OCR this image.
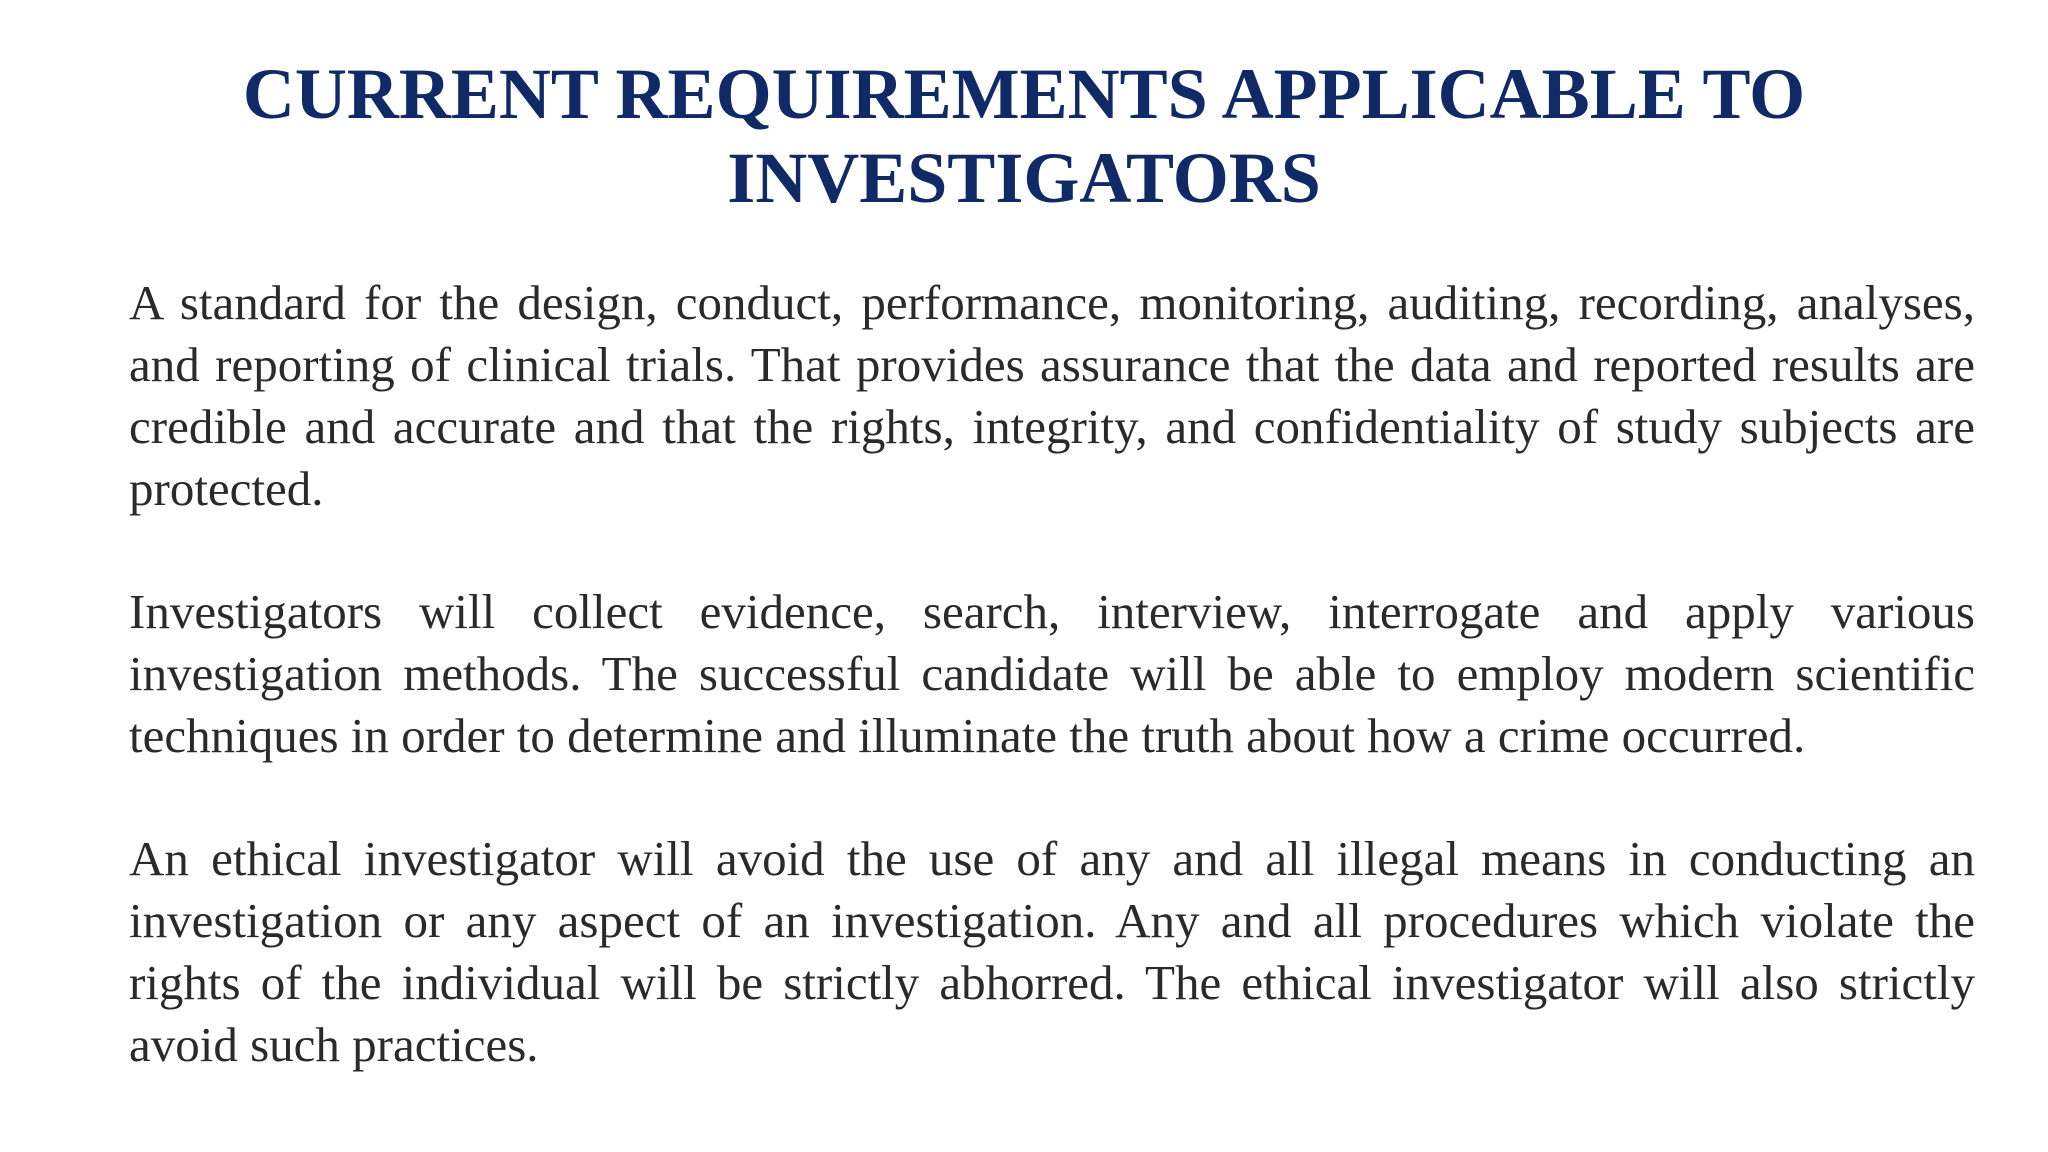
CURRENT REQUIREMENTS APPLICABLE TO INVESTIGATORS

A standard for the design, conduct, performance, monitoring, auditing, recording, analyses, and reporting of clinical trials. That provides assurance that the data and reported results are credible and accurate and that the rights, integrity, and confidentiality of study subjects are protected.

Investigators will collect evidence, search, interview, interrogate and apply various investigation methods. The successful candidate will be able to employ modern scientific techniques in order to determine and illuminate the truth about how a crime occurred.

An ethical investigator will avoid the use of any and all illegal means in conducting an investigation or any aspect of an investigation. Any and all procedures which violate the rights of the individual will be strictly abhorred. The ethical investigator will also strictly avoid such practices.
